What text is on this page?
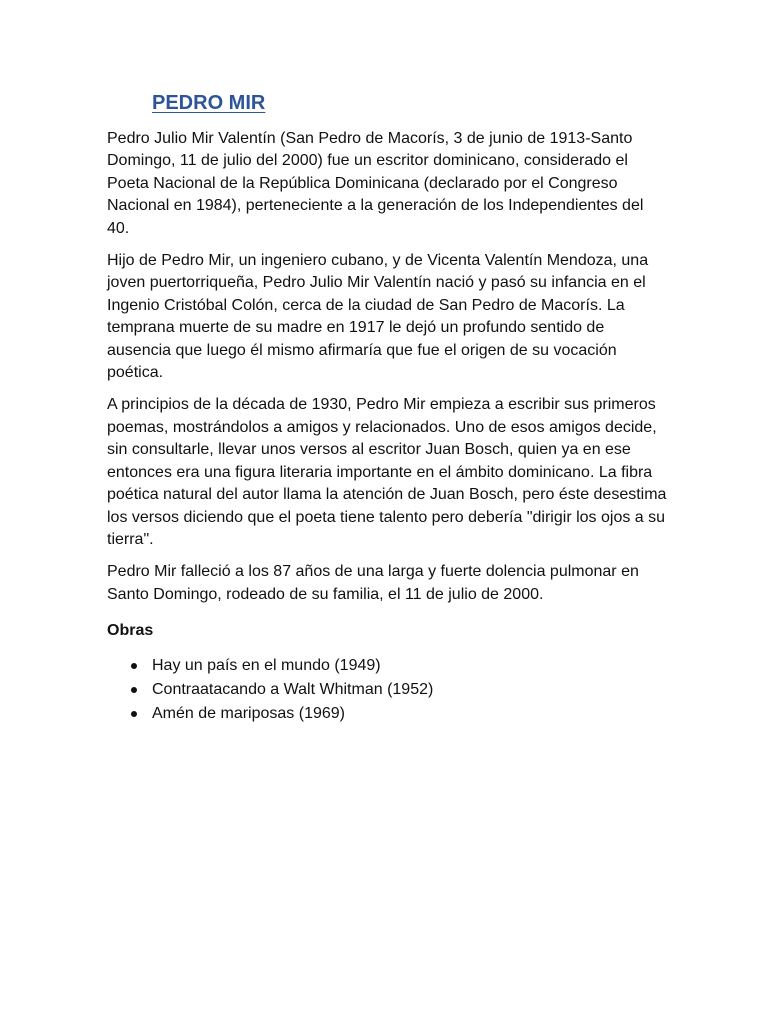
PEDRO MIR

Pedro Julio Mir Valentín (San Pedro de Macorís, 3 de junio de 1913-Santo Domingo, 11 de julio del 2000) fue un escritor dominicano, considerado el Poeta Nacional de la República Dominicana (declarado por el Congreso Nacional en 1984), perteneciente a la generación de los Independientes del 40.

Hijo de Pedro Mir, un ingeniero cubano, y de Vicenta Valentín Mendoza, una joven puertorriqueña, Pedro Julio Mir Valentín nació y pasó su infancia en el Ingenio Cristóbal Colón, cerca de la ciudad de San Pedro de Macorís. La temprana muerte de su madre en 1917 le dejó un profundo sentido de ausencia que luego él mismo afirmaría que fue el origen de su vocación poética.

A principios de la década de 1930, Pedro Mir empieza a escribir sus primeros poemas, mostrándolos a amigos y relacionados. Uno de esos amigos decide, sin consultarle, llevar unos versos al escritor Juan Bosch, quien ya en ese entonces era una figura literaria importante en el ámbito dominicano. La fibra poética natural del autor llama la atención de Juan Bosch, pero éste desestima los versos diciendo que el poeta tiene talento pero debería "dirigir los ojos a su tierra".

Pedro Mir falleció a los 87 años de una larga y fuerte dolencia pulmonar en Santo Domingo, rodeado de su familia, el 11 de julio de 2000.

Obras
Hay un país en el mundo (1949)
Contraatacando a Walt Whitman (1952)
Amén de mariposas (1969)
